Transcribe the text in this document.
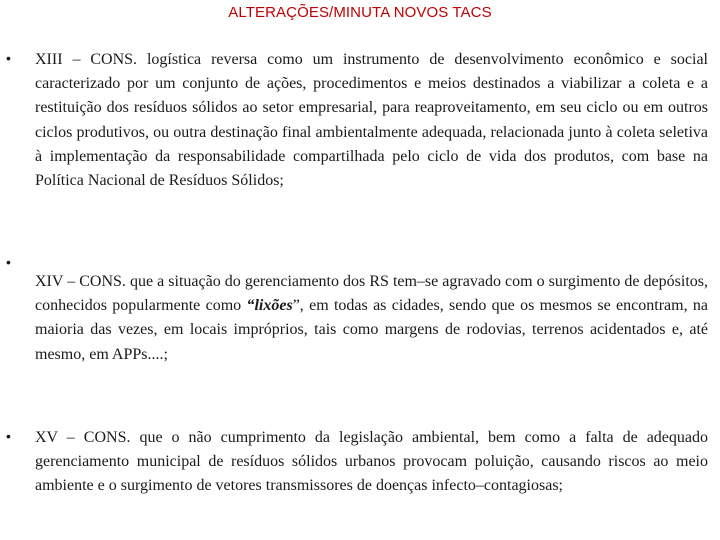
ALTERAÇÕES/MINUTA NOVOS TACS
• XIII – CONS. logística reversa como um instrumento de desenvolvimento econômico e social caracterizado por um conjunto de ações, procedimentos e meios destinados a viabilizar a coleta e a restituição dos resíduos sólidos ao setor empresarial, para reaproveitamento, em seu ciclo ou em outros ciclos produtivos, ou outra destinação final ambientalmente adequada, relacionada junto à coleta seletiva à implementação da responsabilidade compartilhada pelo ciclo de vida dos produtos, com base na Política Nacional de Resíduos Sólidos;

•

XIV – CONS. que a situação do gerenciamento dos RS tem–se agravado com o surgimento de depósitos, conhecidos popularmente como “lixões”, em todas as cidades, sendo que os mesmos se encontram, na maioria das vezes, em locais impróprios, tais como margens de rodovias, terrenos acidentados e, até mesmo, em APPs....;

• XV – CONS. que o não cumprimento da legislação ambiental, bem como a falta de adequado gerenciamento municipal de resíduos sólidos urbanos provocam poluição, causando riscos ao meio ambiente e o surgimento de vetores transmissores de doenças infecto–contagiosas;
